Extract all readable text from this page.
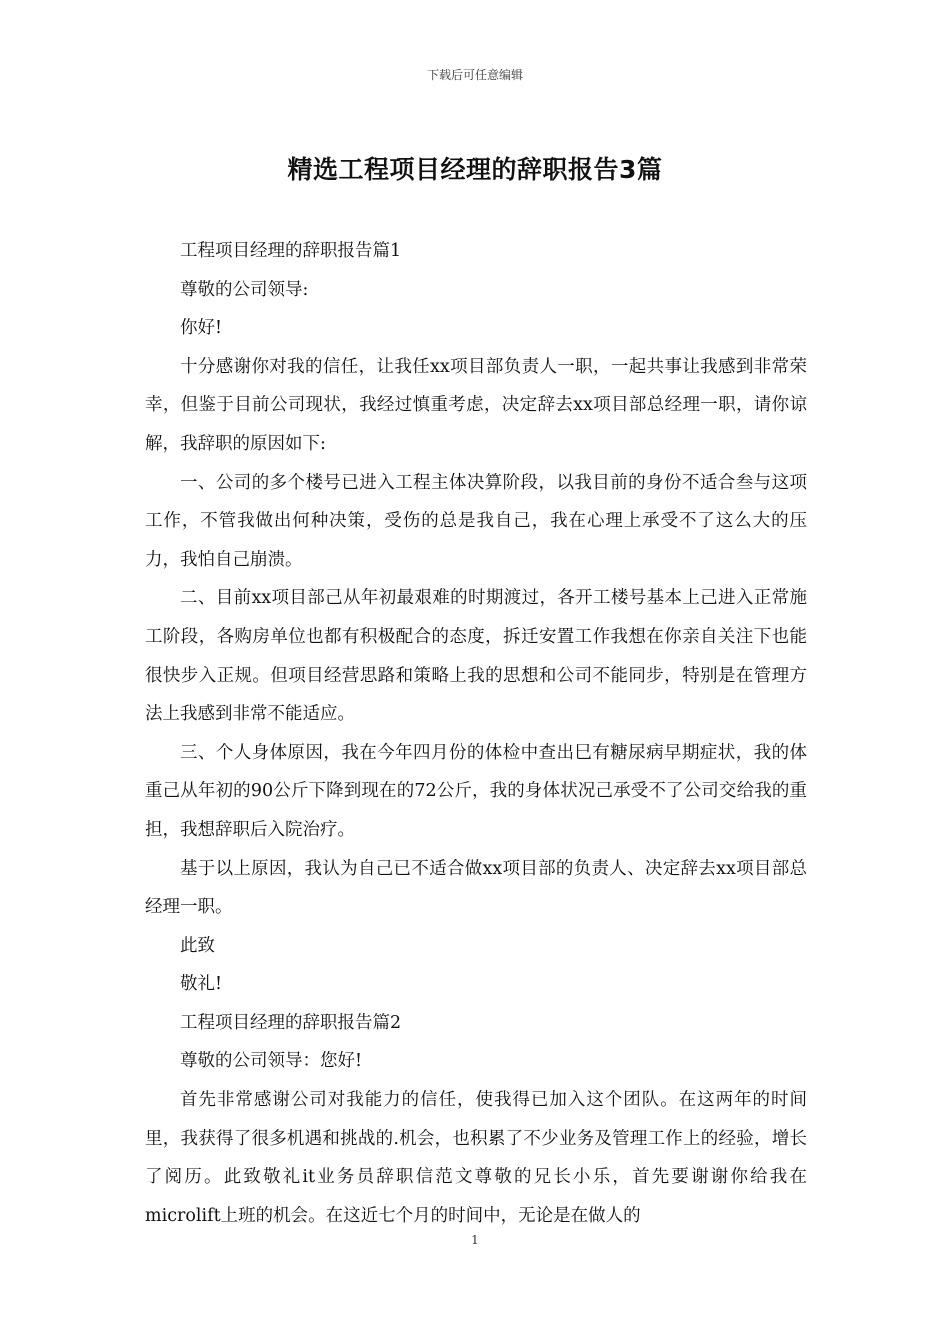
下载后可任意编辑
精选工程项目经理的辞职报告3篇

工程项目经理的辞职报告篇1

尊敬的公司领导:

你好!

十分感谢你对我的信任，让我任xx项目部负责人一职，一起共事让我感到非常荣幸，但鉴于目前公司现状，我经过慎重考虑，决定辞去xx项目部总经理一职，请你谅解，我辞职的原因如下:

一、公司的多个楼号已进入工程主体决算阶段，以我目前的身份不适合叁与这项工作，不管我做出何种决策，受伤的总是我自己，我在心理上承受不了这么大的压力，我怕自己崩溃。

二、目前xx项目部己从年初最艰难的时期渡过，各开工楼号基本上己进入正常施工阶段，各购房单位也都有积极配合的态度，拆迁安置工作我想在你亲自关注下也能很快步入正规。但项目经营思路和策略上我的思想和公司不能同步，特别是在管理方法上我感到非常不能适应。

三、个人身体原因，我在今年四月份的体检中查出巳有糖尿病早期症状，我的体重己从年初的90公斤下降到现在的72公斤，我的身体状况己承受不了公司交给我的重担，我想辞职后入院治疗。

基于以上原因，我认为自己已不适合做xx项目部的负责人、决定辞去xx项目部总经理一职。

此致

敬礼!

工程项目经理的辞职报告篇2

尊敬的公司领导：您好!

首先非常感谢公司对我能力的信任，使我得已加入这个团队。在这两年的时间里，我获得了很多机遇和挑战的.机会，也积累了不少业务及管理工作上的经验，增长了阅历。此致敬礼it业务员辞职信范文尊敬的兄长小乐，首先要谢谢你给我在microlift上班的机会。在这近七个月的时间中，无论是在做人的

1
